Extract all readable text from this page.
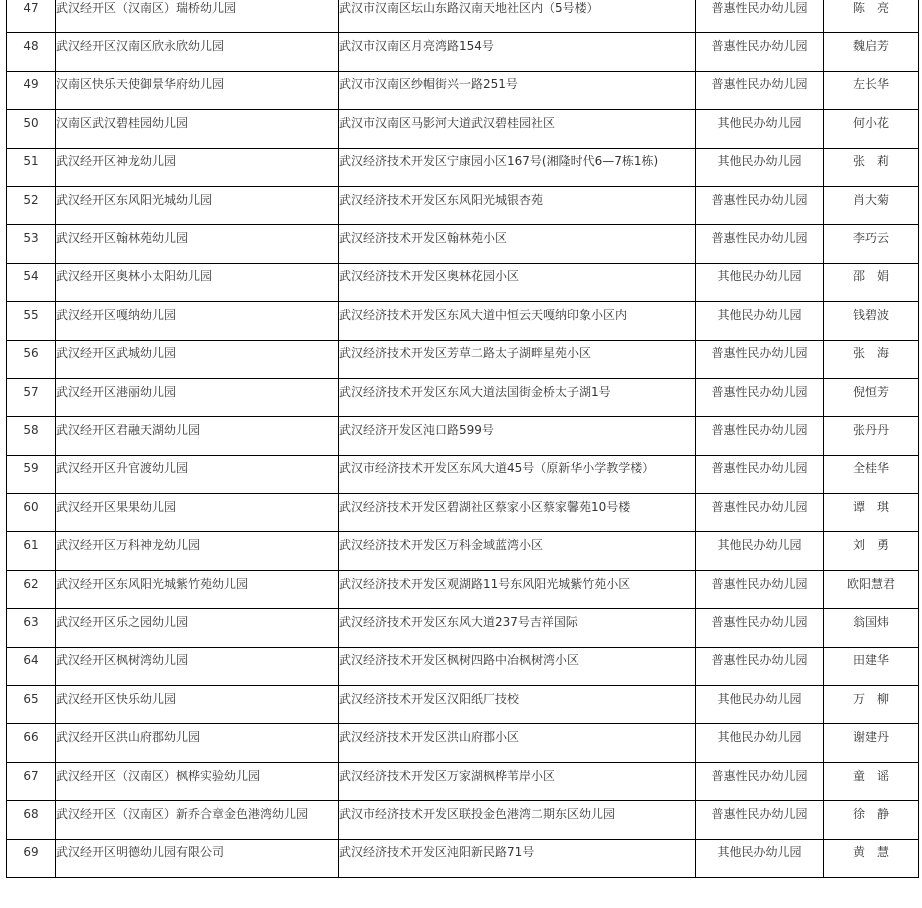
47	武汉经开区（汉南区）瑞桥幼儿园	武汉市汉南区坛山东路汉南天地社区内（5号楼）	普惠性民办幼儿园	陈　亮
48	武汉经开区汉南区欣永欣幼儿园	武汉市汉南区月亮湾路154号	普惠性民办幼儿园	魏启芳
49	汉南区快乐天使御景华府幼儿园	武汉市汉南区纱帽街兴一路251号	普惠性民办幼儿园	左长华
50	汉南区武汉碧桂园幼儿园	武汉市汉南区马影河大道武汉碧桂园社区	其他民办幼儿园	何小花
51	武汉经开区神龙幼儿园	武汉经济技术开发区宁康园小区167号(湘隆时代6—7栋1栋)	其他民办幼儿园	张　莉
52	武汉经开区东风阳光城幼儿园	武汉经济技术开发区东风阳光城银杏苑	普惠性民办幼儿园	肖大菊
53	武汉经开区翰林苑幼儿园	武汉经济技术开发区翰林苑小区	普惠性民办幼儿园	李巧云
54	武汉经开区奥林小太阳幼儿园	武汉经济技术开发区奥林花园小区	其他民办幼儿园	邵　娟
55	武汉经开区嘎纳幼儿园	武汉经济技术开发区东风大道中恒云天嘎纳印象小区内	其他民办幼儿园	钱碧波
56	武汉经开区武城幼儿园	武汉经济技术开发区芳草二路太子湖畔星苑小区	普惠性民办幼儿园	张　海
57	武汉经开区港丽幼儿园	武汉经济技术开发区东风大道法国街金桥太子湖1号	普惠性民办幼儿园	倪恒芳
58	武汉经开区君融天湖幼儿园	武汉经济开发区沌口路599号	普惠性民办幼儿园	张丹丹
59	武汉经开区升官渡幼儿园	武汉市经济技术开发区东风大道45号（原新华小学教学楼）	普惠性民办幼儿园	全桂华
60	武汉经开区果果幼儿园	武汉经济技术开发区碧湖社区蔡家小区蔡家馨苑10号楼	普惠性民办幼儿园	谭　琪
61	武汉经开区万科神龙幼儿园	武汉经济技术开发区万科金域蓝湾小区	其他民办幼儿园	刘　勇
62	武汉经开区东风阳光城紫竹苑幼儿园	武汉经济技术开发区观湖路11号东风阳光城紫竹苑小区	普惠性民办幼儿园	欧阳慧君
63	武汉经开区乐之园幼儿园	武汉经济技术开发区东风大道237号吉祥国际	普惠性民办幼儿园	翁国炜
64	武汉经开区枫树湾幼儿园	武汉经济技术开发区枫树四路中冶枫树湾小区	普惠性民办幼儿园	田建华
65	武汉经开区快乐幼儿园	武汉经济技术开发区汉阳纸厂技校	其他民办幼儿园	万　柳
66	武汉经开区洪山府郡幼儿园	武汉经济技术开发区洪山府郡小区	其他民办幼儿园	谢建丹
67	武汉经开区（汉南区）枫桦实验幼儿园	武汉经济技术开发区万家湖枫桦苇岸小区	普惠性民办幼儿园	童　谣
68	武汉经开区（汉南区）新乔合章金色港湾幼儿园	武汉市经济技术开发区联投金色港湾二期东区幼儿园	普惠性民办幼儿园	徐　静
69	武汉经开区明德幼儿园有限公司	武汉经济技术开发区沌阳新民路71号	其他民办幼儿园	黄　慧
